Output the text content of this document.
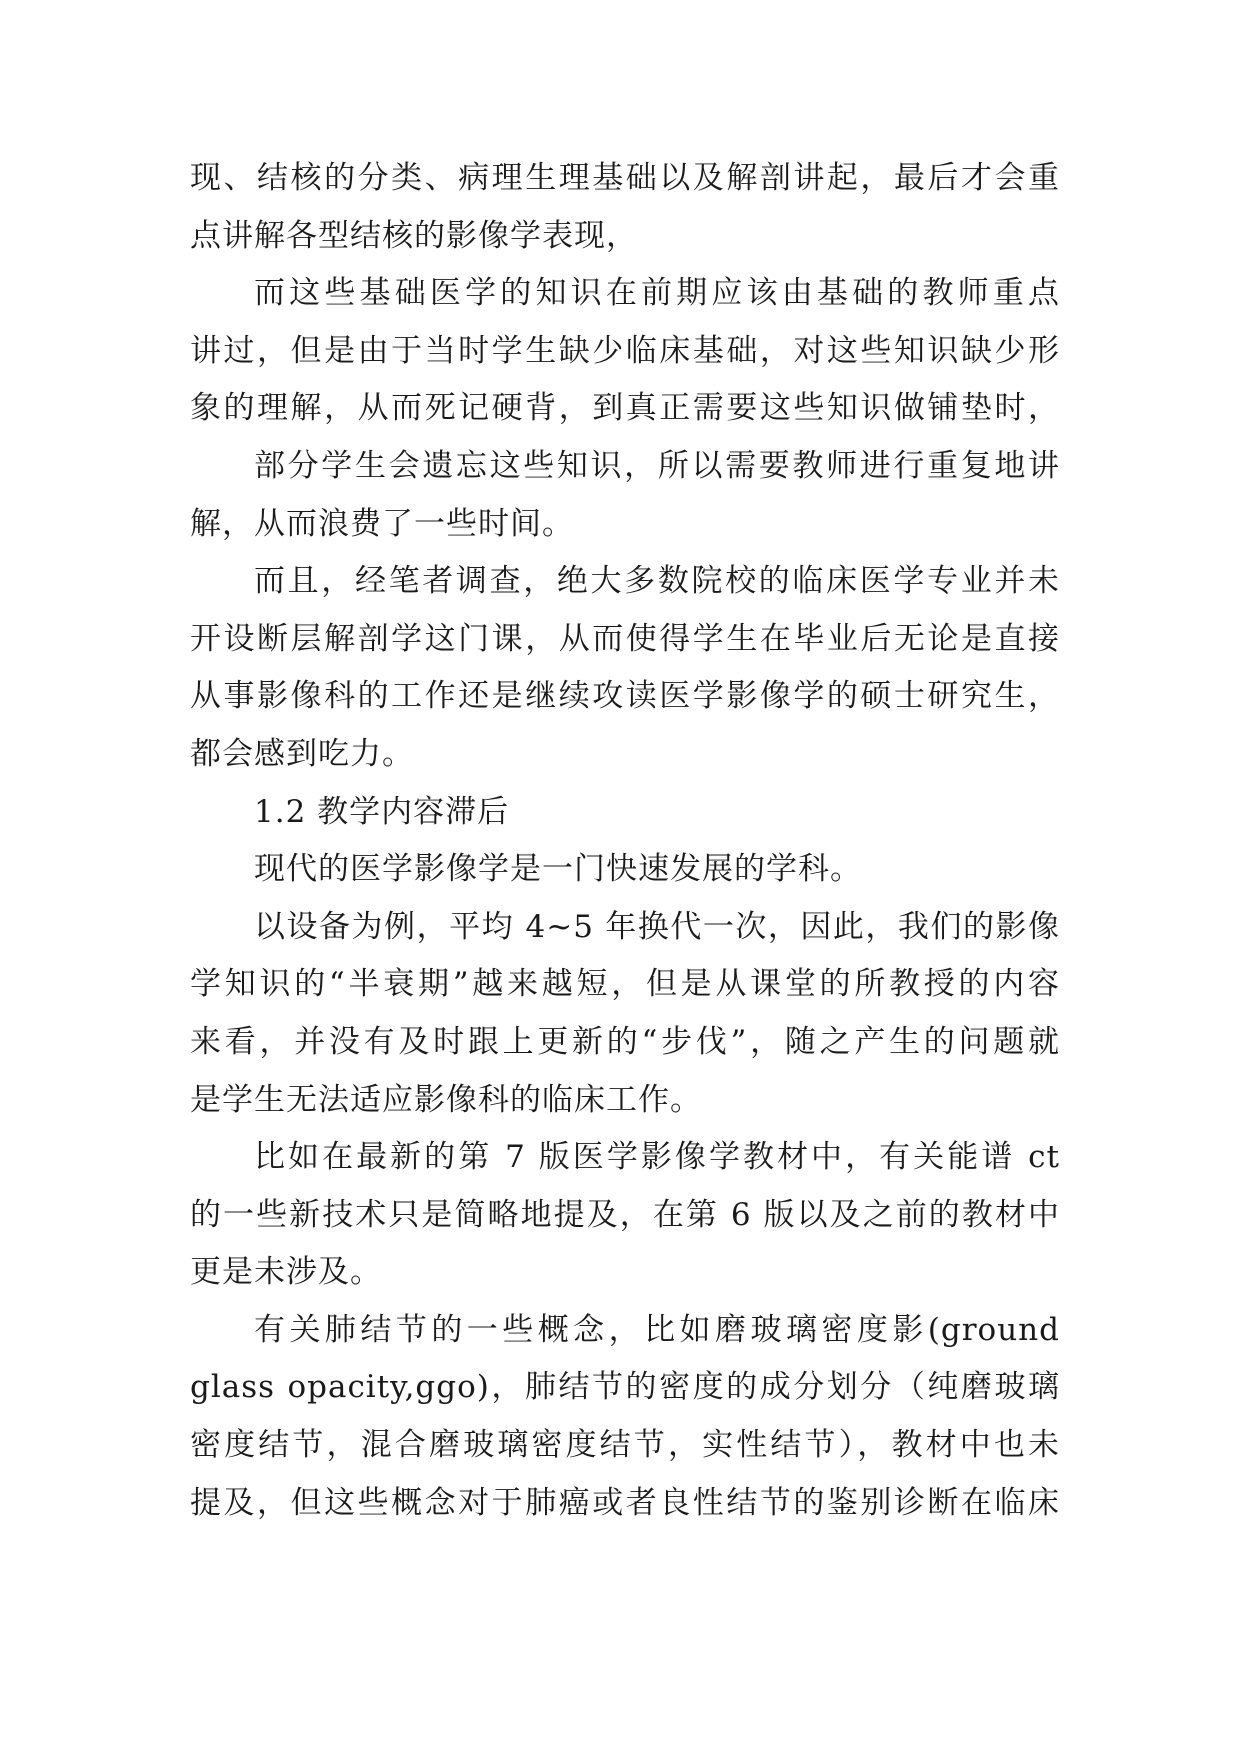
现、结核的分类、病理生理基础以及解剖讲起，最后才会重
点讲解各型结核的影像学表现，
而这些基础医学的知识在前期应该由基础的教师重点
讲过，但是由于当时学生缺少临床基础，对这些知识缺少形
象的理解，从而死记硬背，到真正需要这些知识做铺垫时，
部分学生会遗忘这些知识，所以需要教师进行重复地讲
解，从而浪费了一些时间。
而且，经笔者调查，绝大多数院校的临床医学专业并未
开设断层解剖学这门课，从而使得学生在毕业后无论是直接
从事影像科的工作还是继续攻读医学影像学的硕士研究生，
都会感到吃力。
1.2 教学内容滞后
现代的医学影像学是一门快速发展的学科。
以设备为例，平均 4~5 年换代一次，因此，我们的影像
学知识的“半衰期”越来越短，但是从课堂的所教授的内容
来看，并没有及时跟上更新的“步伐”，随之产生的问题就
是学生无法适应影像科的临床工作。
比如在最新的第 7 版医学影像学教材中，有关能谱 ct
的一些新技术只是简略地提及，在第 6 版以及之前的教材中
更是未涉及。
有关肺结节的一些概念，比如磨玻璃密度影(ground
glass opacity,ggo)，肺结节的密度的成分划分（纯磨玻璃
密度结节，混合磨玻璃密度结节，实性结节），教材中也未
提及，但这些概念对于肺癌或者良性结节的鉴别诊断在临床
